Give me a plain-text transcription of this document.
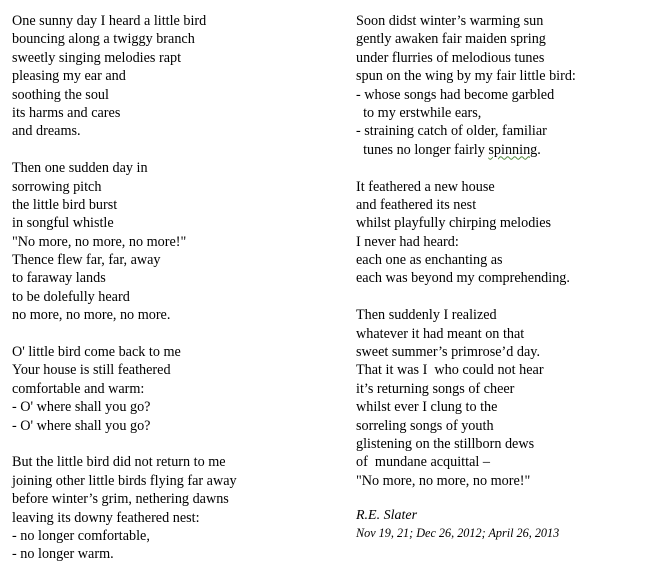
One sunny day I heard a little bird
bouncing along a twiggy branch
sweetly singing melodies rapt
pleasing my ear and
soothing the soul
its harms and cares
and dreams.
Then one sudden day in
sorrowing pitch
the little bird burst
in songful whistle
"No more, no more, no more!"
Thence flew far, far, away
to faraway lands
to be dolefully heard
no more, no more, no more.
O' little bird come back to me
Your house is still feathered
comfortable and warm:
- O' where shall you go?
- O' where shall you go?
But the little bird did not return to me
joining other little birds flying far away
before winter’s grim, nethering dawns
leaving its downy feathered nest:
- no longer comfortable,
- no longer warm.
Soon didst winter’s warming sun
gently awaken fair maiden spring
under flurries of melodious tunes
spun on the wing by my fair little bird:
- whose songs had become garbled
to my erstwhile ears,
- straining catch of older, familiar
tunes no longer fairly spinning.
It feathered a new house
and feathered its nest
whilst playfully chirping melodies
I never had heard:
each one as enchanting as
each was beyond my comprehending.
Then suddenly I realized
whatever it had meant on that
sweet summer’s primrose’d day.
That it was I  who could not hear
it’s returning songs of cheer
whilst ever I clung to the
sorreling songs of youth
glistening on the stillborn dews
of  mundane acquittal –
"No more, no more, no more!"
R.E. Slater
Nov 19, 21; Dec 26, 2012; April 26, 2013
